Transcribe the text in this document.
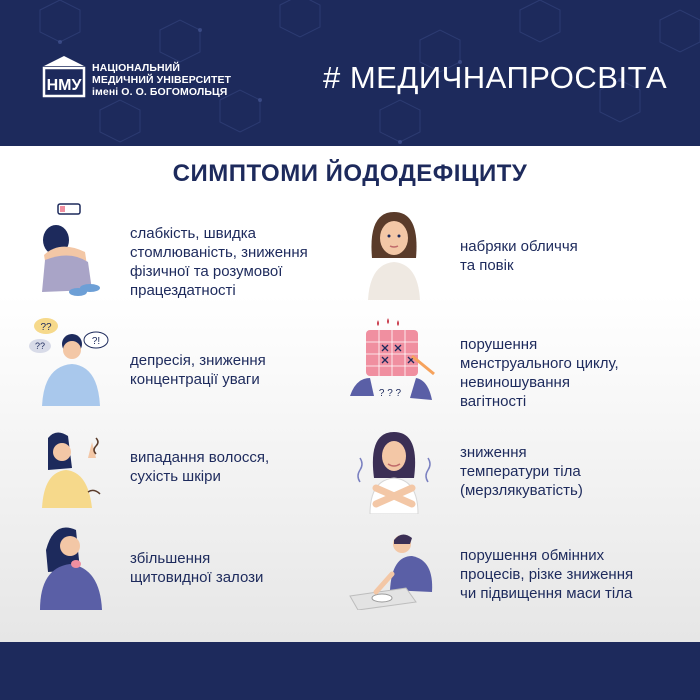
НМУ
НАЦІОНАЛЬНИЙ
МЕДИЧНИЙ УНІВЕРСИТЕТ
імені О. О. БОГОМОЛЬЦЯ	# МЕДИЧНАПРОСВІТА
СИМПТОМИ ЙОДОДЕФІЦИТУ
??
??	?!
? ? ?
слабкість, швидка
стомлюваність, зниження
фізичної та розумової
працездатності
депресія, зниження
концентрації уваги
випадання волосся,
сухість шкіри
збільшення
щитовидної залози
набряки обличчя
та повік
порушення
менструального циклу,
невиношування
вагітності
зниження
температури тіла
(мерзлякуватість)
порушення обмінних
процесів, різке зниження
чи підвищення маси тіла
